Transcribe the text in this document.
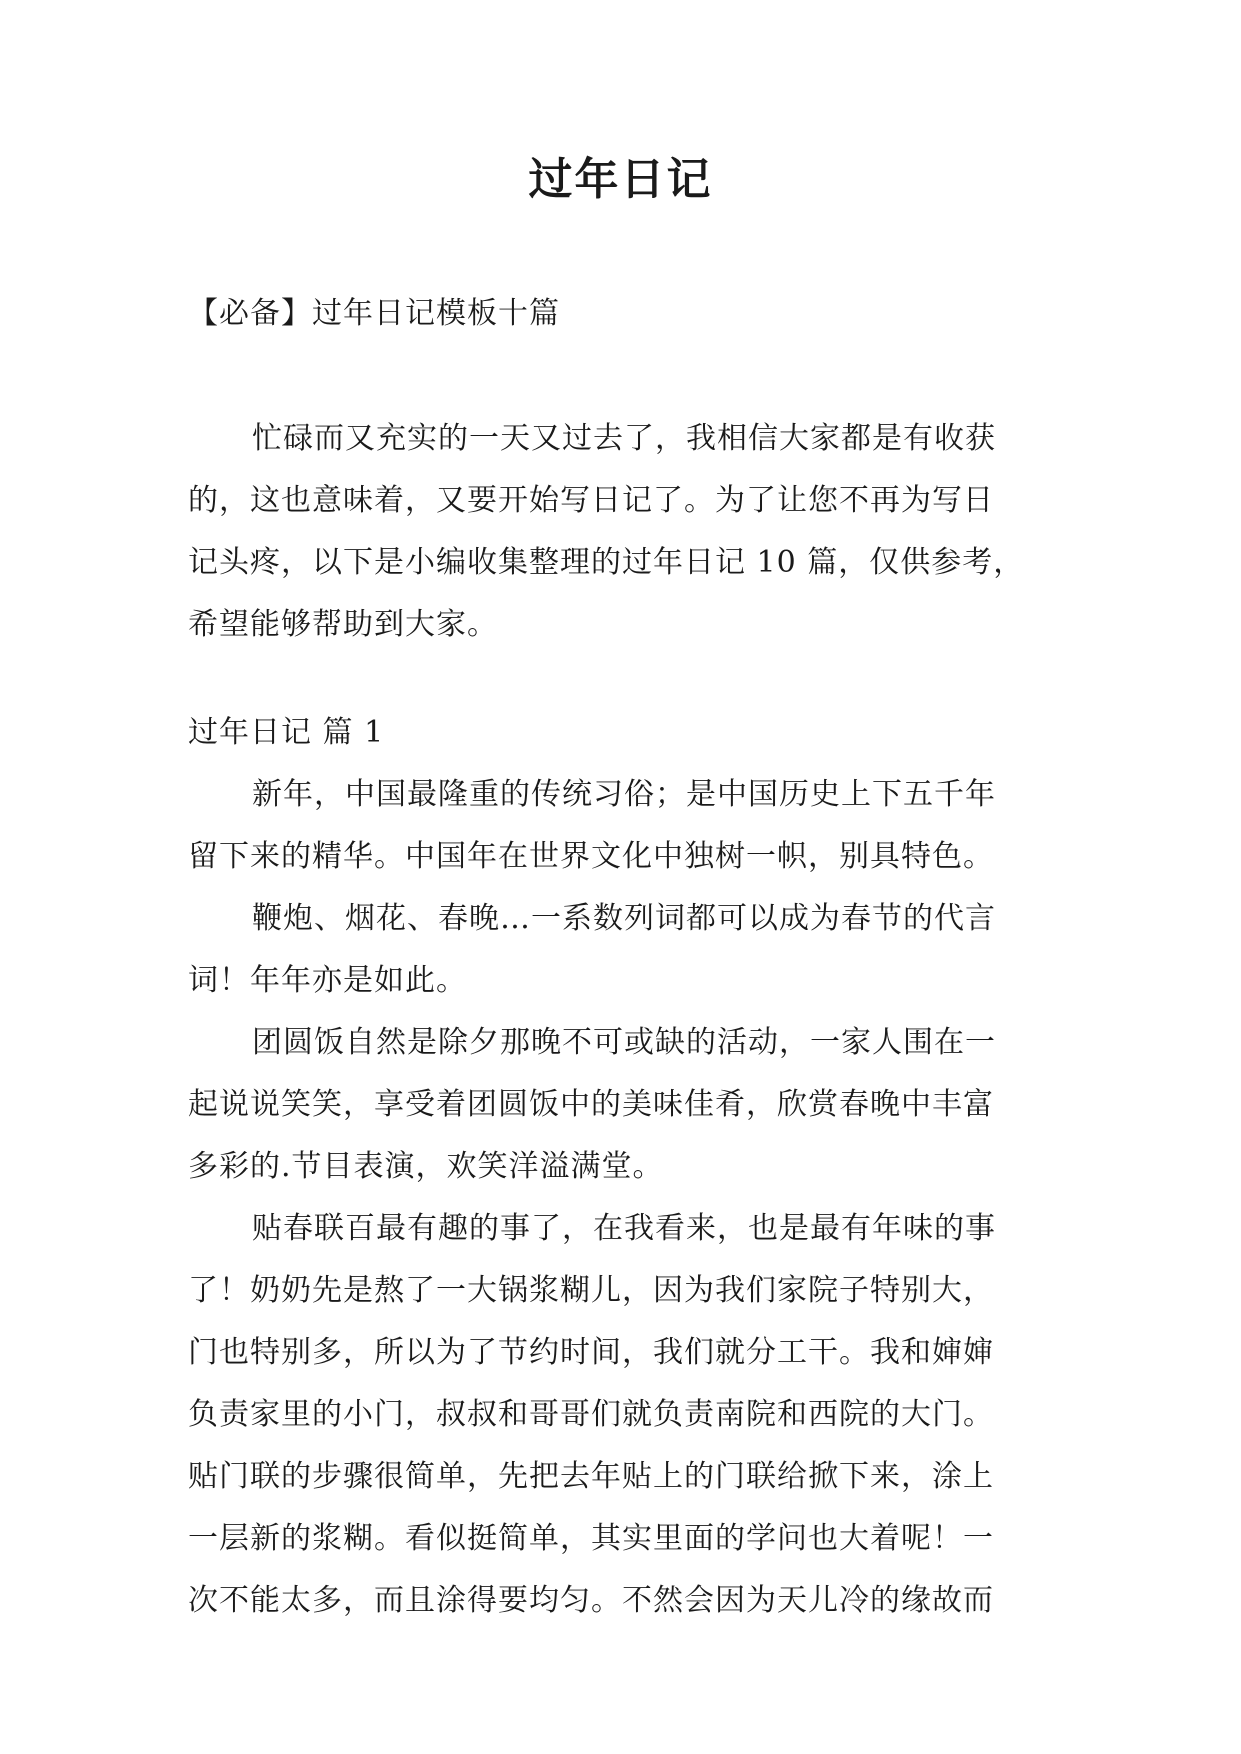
过年日记
【必备】过年日记模板十篇
忙碌而又充实的一天又过去了，我相信大家都是有收获
的，这也意味着，又要开始写日记了。为了让您不再为写日
记头疼，以下是小编收集整理的过年日记 10 篇，仅供参考，
希望能够帮助到大家。
过年日记 篇 1
新年，中国最隆重的传统习俗；是中国历史上下五千年
留下来的精华。中国年在世界文化中独树一帜，别具特色。
鞭炮、烟花、春晚…一系数列词都可以成为春节的代言
词！年年亦是如此。
团圆饭自然是除夕那晚不可或缺的活动，一家人围在一
起说说笑笑，享受着团圆饭中的美味佳肴，欣赏春晚中丰富
多彩的.节目表演，欢笑洋溢满堂。
贴春联百最有趣的事了，在我看来，也是最有年味的事
了！奶奶先是熬了一大锅浆糊儿，因为我们家院子特别大，
门也特别多，所以为了节约时间，我们就分工干。我和婶婶
负责家里的小门，叔叔和哥哥们就负责南院和西院的大门。
贴门联的步骤很简单，先把去年贴上的门联给掀下来，涂上
一层新的浆糊。看似挺简单，其实里面的学问也大着呢！一
次不能太多，而且涂得要均匀。不然会因为天儿冷的缘故而
